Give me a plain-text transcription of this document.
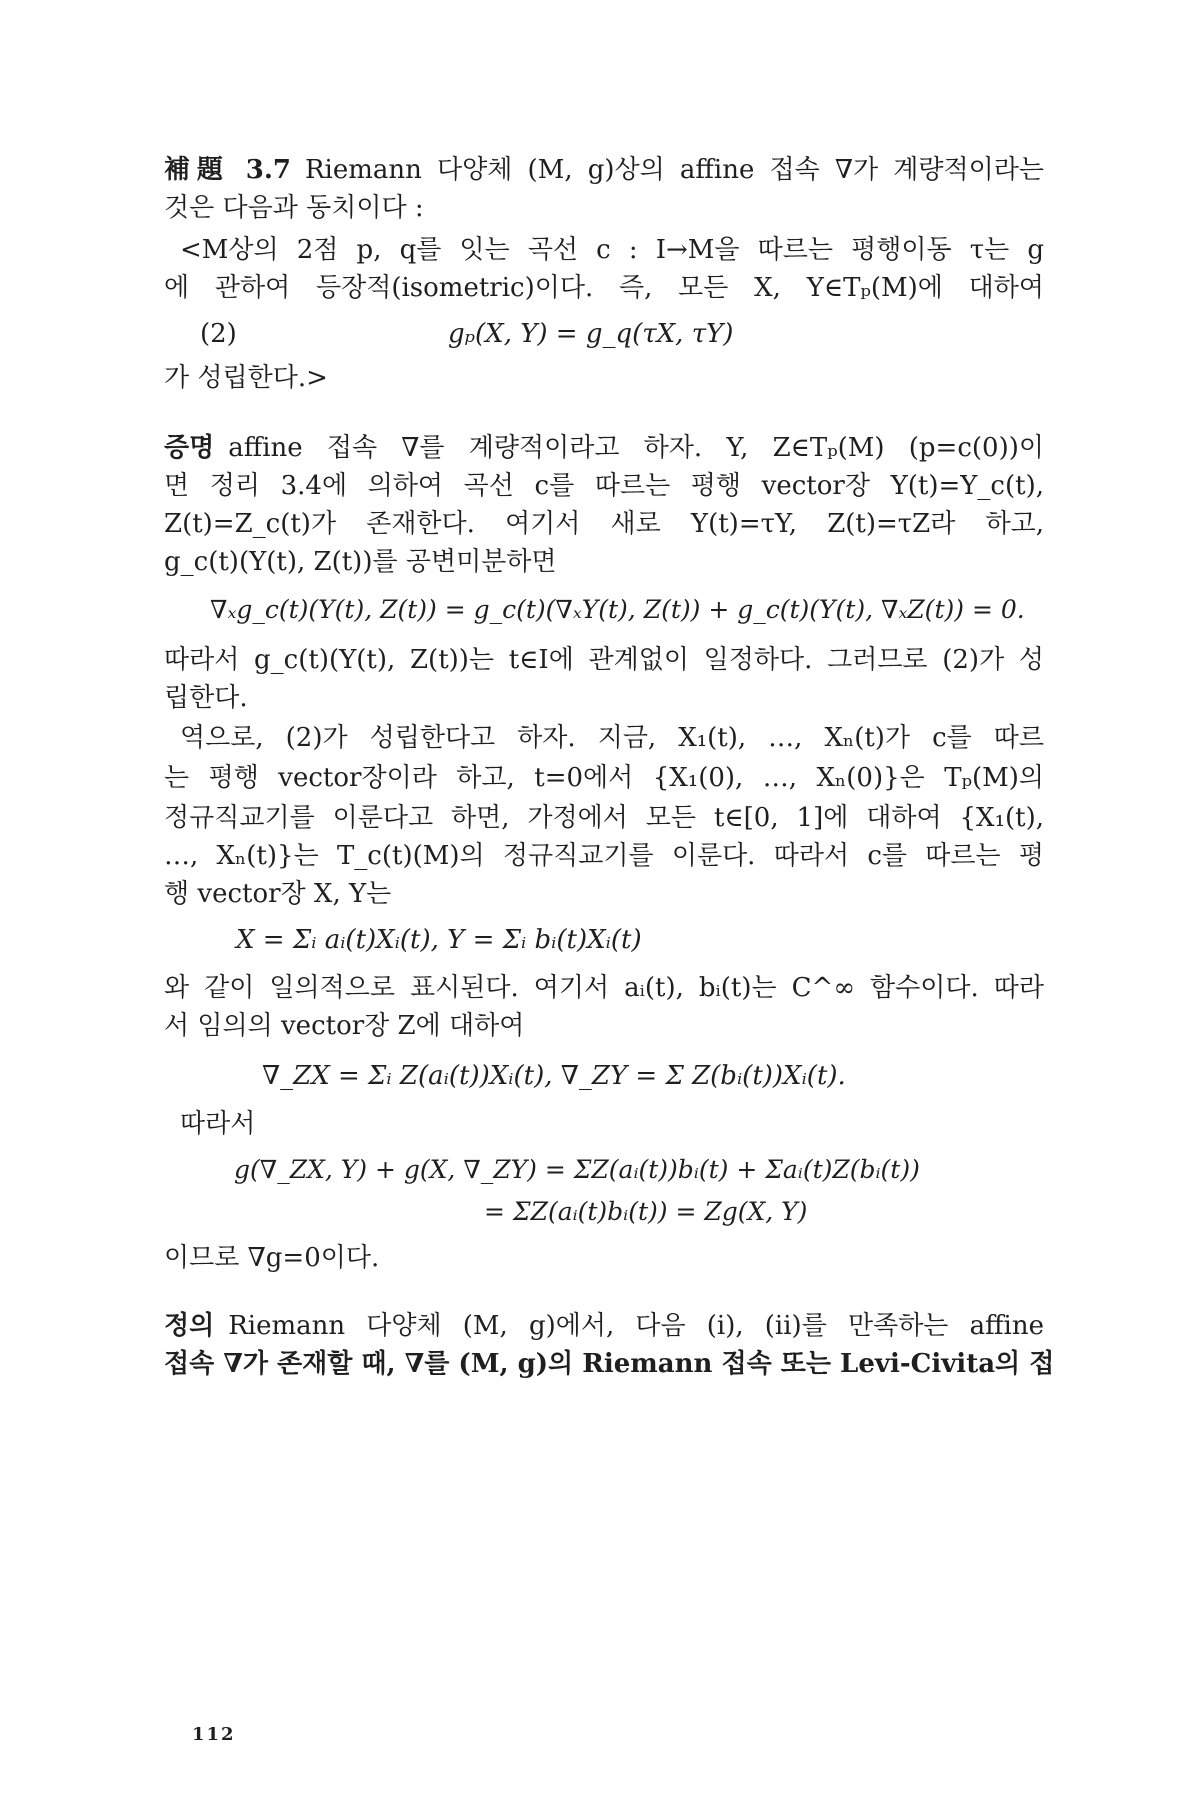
補題 3.7 Riemann 다양체 (M, g)상의 affine 접속 ∇가 계량적이라는
것은 다음과 동치이다 :
<M상의 2점 p, q를 잇는 곡선 c : I→M을 따르는 평행이동 τ는 g
에 관하여 등장적(isometric)이다. 즉, 모든 X, Y∈Tₚ(M)에 대하여
(2)	gₚ(X, Y) = g_q(τX, τY)
가 성립한다.>
증명 affine 접속 ∇를 계량적이라고 하자. Y, Z∈Tₚ(M) (p=c(0))이
면 정리 3.4에 의하여 곡선 c를 따르는 평행 vector장 Y(t)=Y_c(t),
Z(t)=Z_c(t)가 존재한다. 여기서 새로 Y(t)=τY, Z(t)=τZ라 하고,
g_c(t)(Y(t), Z(t))를 공변미분하면
∇ₓg_c(t)(Y(t), Z(t)) = g_c(t)(∇ₓY(t), Z(t)) + g_c(t)(Y(t), ∇ₓZ(t)) = 0.
따라서 g_c(t)(Y(t), Z(t))는 t∈I에 관계없이 일정하다. 그러므로 (2)가 성
립한다.
역으로, (2)가 성립한다고 하자. 지금, X₁(t), …, Xₙ(t)가 c를 따르
는 평행 vector장이라 하고, t=0에서 {X₁(0), …, Xₙ(0)}은 Tₚ(M)의
정규직교기를 이룬다고 하면, 가정에서 모든 t∈[0, 1]에 대하여 {X₁(t),
…, Xₙ(t)}는 T_c(t)(M)의 정규직교기를 이룬다. 따라서 c를 따르는 평
행 vector장 X, Y는
X = Σᵢ aᵢ(t)Xᵢ(t), Y = Σᵢ bᵢ(t)Xᵢ(t)
와 같이 일의적으로 표시된다. 여기서 aᵢ(t), bᵢ(t)는 C^∞ 함수이다. 따라
서 임의의 vector장 Z에 대하여
∇_ZX = Σᵢ Z(aᵢ(t))Xᵢ(t), ∇_ZY = Σ Z(bᵢ(t))Xᵢ(t).
따라서
g(∇_ZX, Y) + g(X, ∇_ZY) = ΣZ(aᵢ(t))bᵢ(t) + Σaᵢ(t)Z(bᵢ(t))
= ΣZ(aᵢ(t)bᵢ(t)) = Zg(X, Y)
이므로 ∇g=0이다.
정의 Riemann 다양체 (M, g)에서, 다음 (i), (ii)를 만족하는 affine
접속 ∇가 존재할 때, ∇를 (M, g)의 Riemann 접속 또는 Levi-Civita의 접
112
